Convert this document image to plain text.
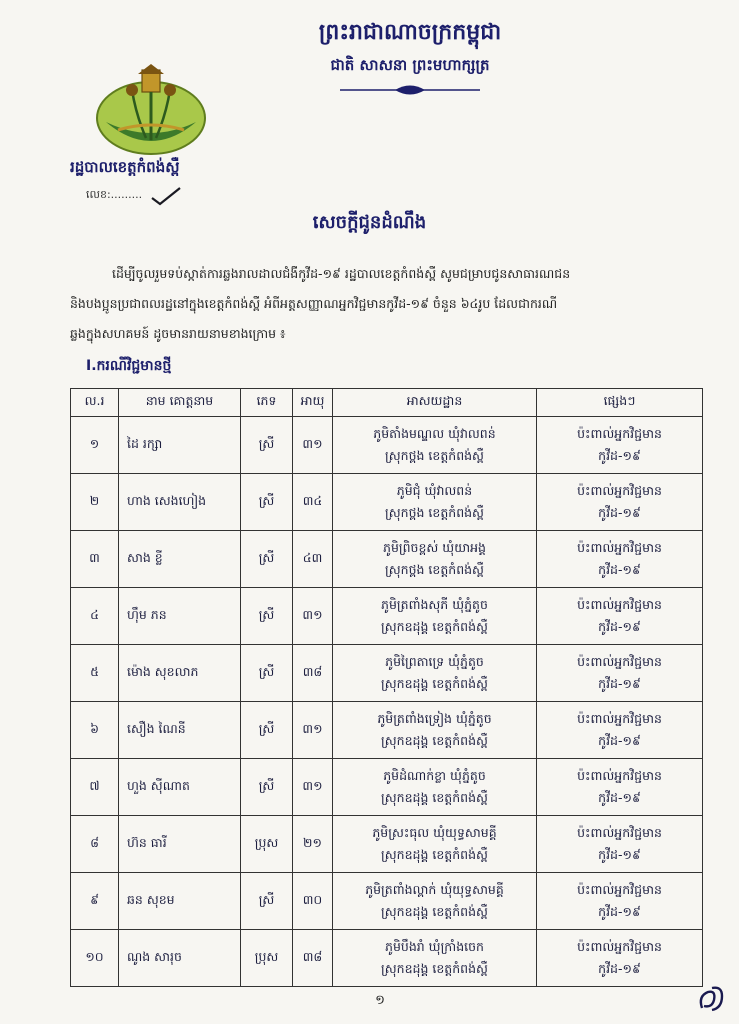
ព្រះរាជាណាចក្រកម្ពុជា
ជាតិ សាសនា ព្រះមហាក្សត្រ
រដ្ឋបាលខេត្តកំពង់ស្ពឺ
លេខ:.........
សេចក្តីជូនដំណឹង
ដើម្បីចូលរួមទប់ស្កាត់ការឆ្លងរាលដាលជំងឺកូវីដ-១៩ រដ្ឋបាលខេត្តកំពង់ស្ពឺ សូមជម្រាបជូនសាធារណជន
និងបងប្អូនប្រជាពលរដ្ឋនៅក្នុងខេត្តកំពង់ស្ពឺ អំពីអត្តសញ្ញាណអ្នកវិជ្ជមានកូវីដ-១៩ ចំនួន ៦៤រូប ដែលជាករណី
ឆ្លងក្នុងសហគមន៍ ដូចមានរាយនាមខាងក្រោម ៖
I.ករណីវិជ្ជមានថ្មី
ល.រ	នាម គោត្តនាម	ភេទ	អាយុ	អាសយដ្ឋាន	ផ្សេងៗ
១	ដៃ រក្សា	ស្រី	៣១	ភូមិតាំងមណ្ឌល ឃុំវាលពន់
ស្រុកថ្ពង ខេត្តកំពង់ស្ពឺ	ប៉ះពាល់អ្នកវិជ្ជមាន
កូវីដ-១៩

២	ហាង សេងហៀង	ស្រី	៣៤	ភូមិជុំ ឃុំវាលពន់
ស្រុកថ្ពង ខេត្តកំពង់ស្ពឺ	ប៉ះពាល់អ្នកវិជ្ជមាន
កូវីដ-១៩

៣	សាង ខ្លី	ស្រី	៤៣	ភូមិព្រិចខ្ពស់ ឃុំយាអង្គ
ស្រុកថ្ពង ខេត្តកំពង់ស្ពឺ	ប៉ះពាល់អ្នកវិជ្ជមាន
កូវីដ-១៩

៤	ហ៊ឹម ភន	ស្រី	៣១	ភូមិត្រពាំងសុភី ឃុំភ្នំតូច
ស្រុកឧដុង្គ ខេត្តកំពង់ស្ពឺ	ប៉ះពាល់អ្នកវិជ្ជមាន
កូវីដ-១៩

៥	ម៉ោង សុខលាភ	ស្រី	៣៨	ភូមិព្រៃតាទ្រេ ឃុំភ្នំតូច
ស្រុកឧដុង្គ ខេត្តកំពង់ស្ពឺ	ប៉ះពាល់អ្នកវិជ្ជមាន
កូវីដ-១៩

៦	សឿង ណៃនី	ស្រី	៣១	ភូមិត្រពាំងទ្រៀង ឃុំភ្នំតូច
ស្រុកឧដុង្គ ខេត្តកំពង់ស្ពឺ	ប៉ះពាល់អ្នកវិជ្ជមាន
កូវីដ-១៩

៧	ហួង ស៊ីណាត	ស្រី	៣១	ភូមិដំណាក់ខ្លា ឃុំភ្នំតូច
ស្រុកឧដុង្គ ខេត្តកំពង់ស្ពឺ	ប៉ះពាល់អ្នកវិជ្ជមាន
កូវីដ-១៩

៨	ហ៊ន ធារី	ប្រុស	២១	ភូមិស្រះធុល ឃុំយុទ្ធសាមគ្គី
ស្រុកឧដុង្គ ខេត្តកំពង់ស្ពឺ	ប៉ះពាល់អ្នកវិជ្ជមាន
កូវីដ-១៩

៩	ឆន សុខម	ស្រី	៣០	ភូមិត្រពាំងល្ពាក់ ឃុំយុទ្ធសាមគ្គី
ស្រុកឧដុង្គ ខេត្តកំពង់ស្ពឺ	ប៉ះពាល់អ្នកវិជ្ជមាន
កូវីដ-១៩

១០	ណូង សារុច	ប្រុស	៣៨	ភូមិបឹងរាំ ឃុំក្រាំងចេក
ស្រុកឧដុង្គ ខេត្តកំពង់ស្ពឺ	ប៉ះពាល់អ្នកវិជ្ជមាន
កូវីដ-១៩
១
